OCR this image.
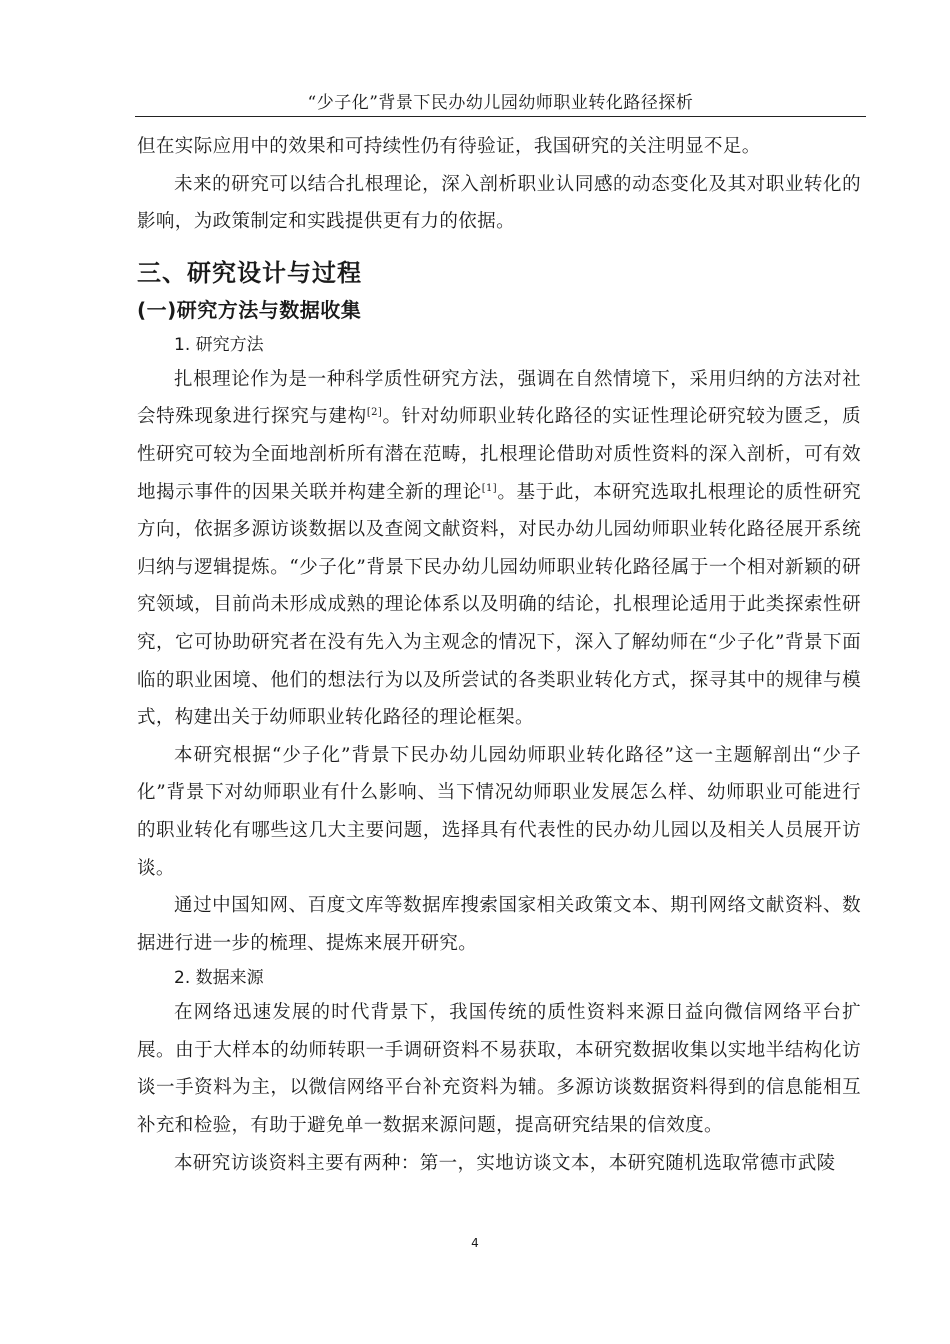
“少子化”背景下民办幼儿园幼师职业转化路径探析

但在实际应用中的效果和可持续性仍有待验证，我国研究的关注明显不足。

未来的研究可以结合扎根理论，深入剖析职业认同感的动态变化及其对职业转化的影响，为政策制定和实践提供更有力的依据。

三、研究设计与过程
(一)研究方法与数据收集
1. 研究方法

扎根理论作为是一种科学质性研究方法，强调在自然情境下，采用归纳的方法对社会特殊现象进行探究与建构[2]。针对幼师职业转化路径的实证性理论研究较为匮乏，质性研究可较为全面地剖析所有潜在范畴，扎根理论借助对质性资料的深入剖析，可有效地揭示事件的因果关联并构建全新的理论[1]。基于此，本研究选取扎根理论的质性研究方向，依据多源访谈数据以及查阅文献资料，对民办幼儿园幼师职业转化路径展开系统归纳与逻辑提炼。“少子化”背景下民办幼儿园幼师职业转化路径属于一个相对新颖的研究领域，目前尚未形成成熟的理论体系以及明确的结论，扎根理论适用于此类探索性研究，它可协助研究者在没有先入为主观念的情况下，深入了解幼师在“少子化”背景下面临的职业困境、他们的想法行为以及所尝试的各类职业转化方式，探寻其中的规律与模式，构建出关于幼师职业转化路径的理论框架。

本研究根据“少子化”背景下民办幼儿园幼师职业转化路径”这一主题解剖出“少子化”背景下对幼师职业有什么影响、当下情况幼师职业发展怎么样、幼师职业可能进行的职业转化有哪些这几大主要问题，选择具有代表性的民办幼儿园以及相关人员展开访谈。

通过中国知网、百度文库等数据库搜索国家相关政策文本、期刊网络文献资料、数据进行进一步的梳理、提炼来展开研究。

2. 数据来源

在网络迅速发展的时代背景下，我国传统的质性资料来源日益向微信网络平台扩展。由于大样本的幼师转职一手调研资料不易获取，本研究数据收集以实地半结构化访谈一手资料为主，以微信网络平台补充资料为辅。多源访谈数据资料得到的信息能相互补充和检验，有助于避免单一数据来源问题，提高研究结果的信效度。

本研究访谈资料主要有两种：第一，实地访谈文本，本研究随机选取常德市武陵

4
